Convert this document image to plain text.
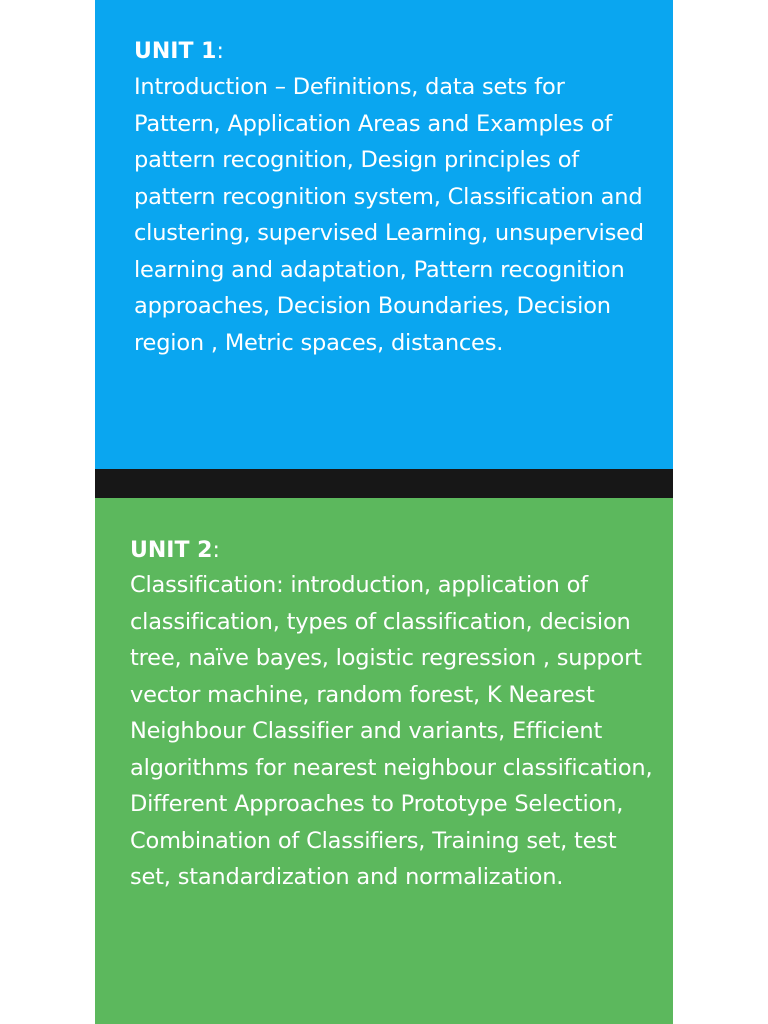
UNIT 1:

Introduction – Definitions, data sets for Pattern, Application Areas and Examples of pattern recognition, Design principles of pattern recognition system, Classification and clustering, supervised Learning, unsupervised learning and adaptation, Pattern recognition approaches, Decision Boundaries, Decision region , Metric spaces, distances.

UNIT 2:

Classification: introduction, application of classification, types of classification, decision tree, naïve bayes, logistic regression , support vector machine, random forest, K Nearest Neighbour Classifier and variants, Efficient algorithms for nearest neighbour classification, Different Approaches to Prototype Selection, Combination of Classifiers, Training set, test set, standardization and normalization.
